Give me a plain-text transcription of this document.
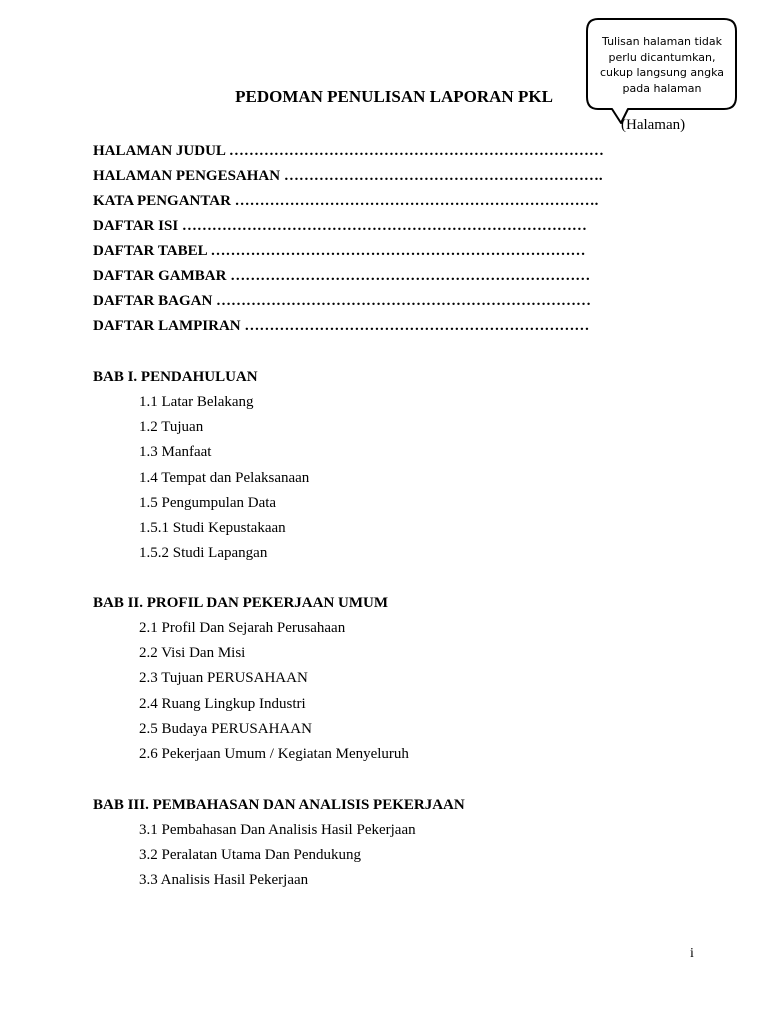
PEDOMAN PENULISAN LAPORAN PKL
Tulisan halaman tidak
perlu dicantumkan,
cukup langsung angka
pada halaman
(Halaman)
HALAMAN JUDUL …………………………………………………………………
HALAMAN PENGESAHAN ……………………………………………………….
KATA PENGANTAR ……………………………………………………………….
DAFTAR ISI ………………………………………………………………………
DAFTAR TABEL …………………………………………………………………
DAFTAR GAMBAR ………………………………………………………………
DAFTAR BAGAN …………………………………………………………………
DAFTAR LAMPIRAN ……………………………………………………………
BAB I. PENDAHULUAN
1.1 Latar Belakang
1.2 Tujuan
1.3 Manfaat
1.4 Tempat dan Pelaksanaan
1.5 Pengumpulan Data
1.5.1 Studi Kepustakaan
1.5.2 Studi Lapangan
BAB II. PROFIL DAN PEKERJAAN UMUM
2.1 Profil Dan Sejarah Perusahaan
2.2 Visi Dan Misi
2.3 Tujuan PERUSAHAAN
2.4 Ruang Lingkup Industri
2.5 Budaya PERUSAHAAN
2.6 Pekerjaan Umum / Kegiatan Menyeluruh
BAB III. PEMBAHASAN DAN ANALISIS PEKERJAAN
3.1 Pembahasan Dan Analisis Hasil Pekerjaan
3.2 Peralatan Utama Dan Pendukung
3.3 Analisis Hasil Pekerjaan
i
